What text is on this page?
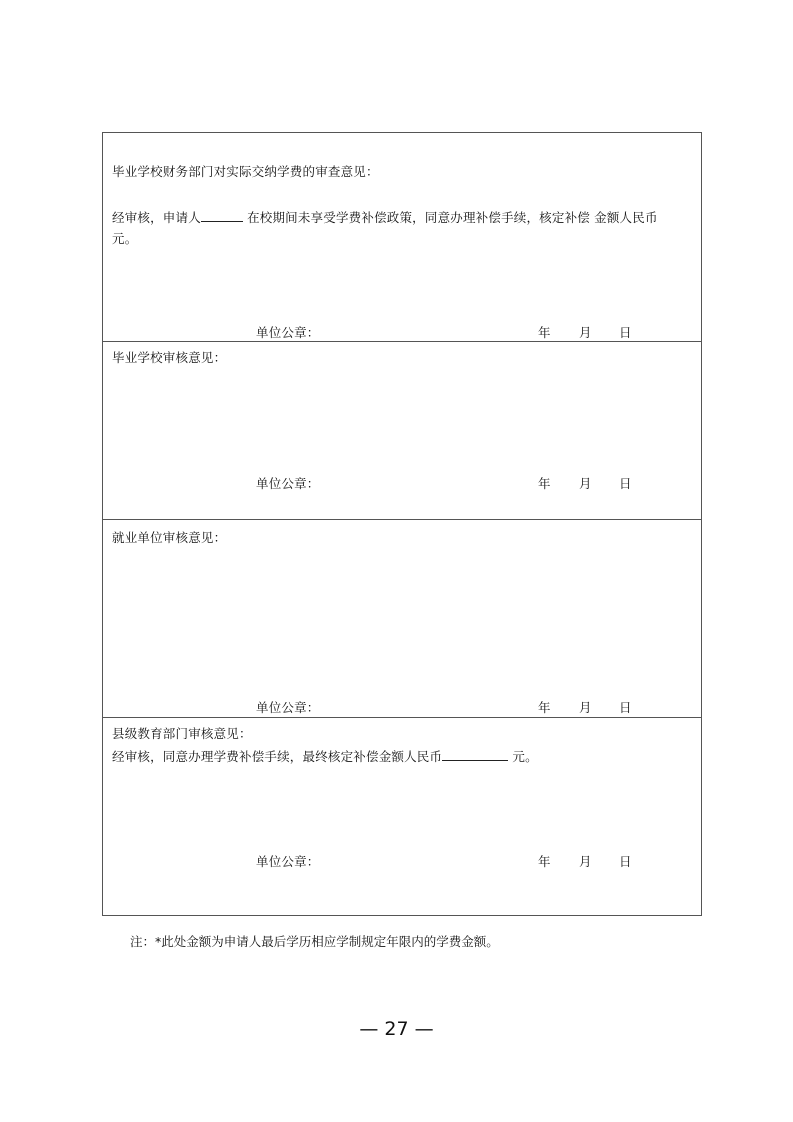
毕业学校财务部门对实际交纳学费的审查意见：
经审核，申请人	在校期间未享受学费补偿政策，同意办理补偿手续，核定补偿 金额人民币
元。
单位公章：	年 月 日
毕业学校审核意见：
单位公章：	年 月 日
就业单位审核意见：
单位公章：	年 月 日
县级教育部门审核意见：
经审核，同意办理学费补偿手续，最终核定补偿金额人民币	元。
单位公章：	年 月 日
注：*此处金额为申请人最后学历相应学制规定年限内的学费金额。
— 27 —
